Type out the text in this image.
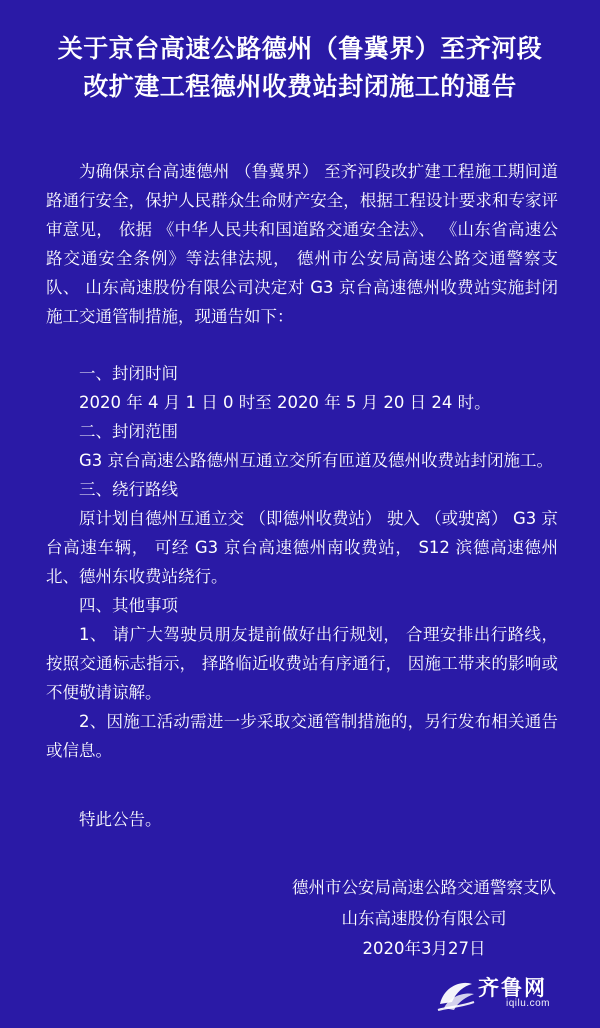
关于京台高速公路德州（鲁冀界）至齐河段
改扩建工程德州收费站封闭施工的通告

为确保京台高速德州 （鲁冀界） 至齐河段改扩建工程施工期间道路通行安全，保护人民群众生命财产安全，根据工程设计要求和专家评审意见， 依据 《中华人民共和国道路交通安全法》、 《山东省高速公路交通安全条例》等法律法规， 德州市公安局高速公路交通警察支队、 山东高速股份有限公司决定对 G3 京台高速德州收费站实施封闭施工交通管制措施，现通告如下：

一、封闭时间

2020 年 4 月 1 日 0 时至 2020 年 5 月 20 日 24 时。

二、封闭范围

G3 京台高速公路德州互通立交所有匝道及德州收费站封闭施工。

三、绕行路线

原计划自德州互通立交 （即德州收费站） 驶入 （或驶离） G3 京台高速车辆， 可经 G3 京台高速德州南收费站， S12 滨德高速德州北、德州东收费站绕行。

四、其他事项

1、 请广大驾驶员朋友提前做好出行规划， 合理安排出行路线， 按照交通标志指示， 择路临近收费站有序通行， 因施工带来的影响或不便敬请谅解。

2、因施工活动需进一步采取交通管制措施的，另行发布相关通告或信息。

特此公告。

德州市公安局高速公路交通警察支队
山东高速股份有限公司
2020年3月27日
齐鲁网
iqilu.com
